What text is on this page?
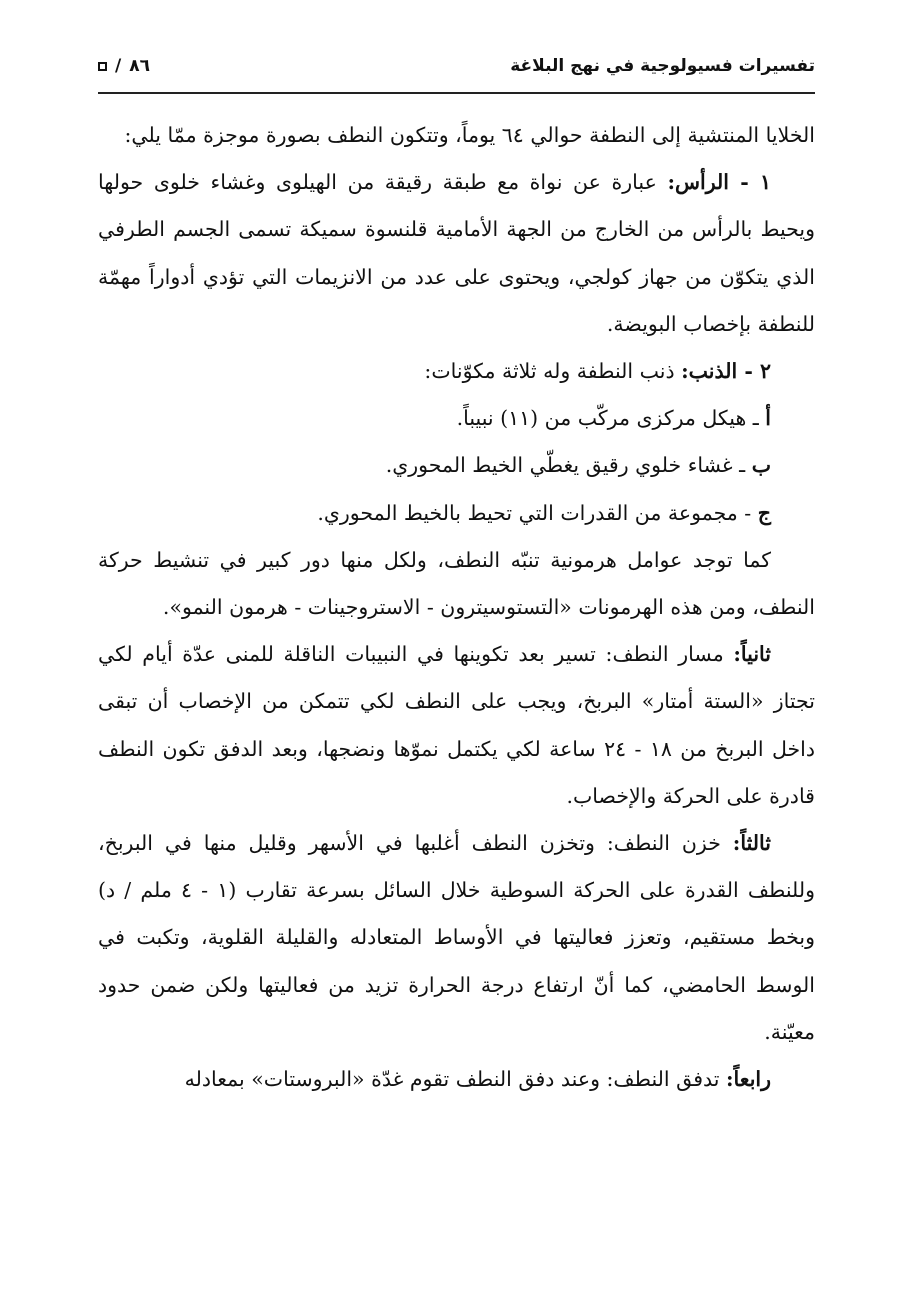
تفسيرات فسيولوجية في نهج البلاغة
/ ٨٦

الخلايا المنتشية إلى النطفة حوالي ٦٤ يوماً، وتتكون النطف بصورة موجزة ممّا يلي:

١ - الرأس: عبارة عن نواة مع طبقة رقيقة من الهيلوى وغشاء خلوى حولها ويحيط بالرأس من الخارج من الجهة الأمامية قلنسوة سميكة تسمى الجسم الطرفي الذي يتكوّن من جهاز كولجي، ويحتوى على عدد من الانزيمات التي تؤدي أدواراً مهمّة للنطفة بإخصاب البويضة.

٢ - الذنب: ذنب النطفة وله ثلاثة مكوّنات:

أ ـ هيكل مركزى مركّب من (١١) نبيباً.

ب ـ غشاء خلوي رقيق يغطّي الخيط المحوري.

ج - مجموعة من القدرات التي تحيط بالخيط المحوري.

كما توجد عوامل هرمونية تنبّه النطف، ولكل منها دور كبير في تنشيط حركة النطف، ومن هذه الهرمونات «التستوسيترون - الاستروجينات - هرمون النمو».

ثانياً: مسار النطف: تسير بعد تكوينها في النبيبات الناقلة للمنى عدّة أيام لكي تجتاز «الستة أمتار» البربخ، ويجب على النطف لكي تتمكن من الإخصاب أن تبقى داخل البربخ من ١٨ - ٢٤ ساعة لكي يكتمل نموّها ونضجها، وبعد الدفق تكون النطف قادرة على الحركة والإخصاب.

ثالثاً: خزن النطف: وتخزن النطف أغلبها في الأسهر وقليل منها في البربخ، وللنطف القدرة على الحركة السوطية خلال السائل بسرعة تقارب (١ - ٤ ملم / د) وبخط مستقيم، وتعزز فعاليتها في الأوساط المتعادله والقليلة القلوية، وتكبت في الوسط الحامضي، كما أنّ ارتفاع درجة الحرارة تزيد من فعاليتها ولكن ضمن حدود معيّنة.

رابعاً: تدفق النطف: وعند دفق النطف تقوم غدّة «البروستات» بمعادله
